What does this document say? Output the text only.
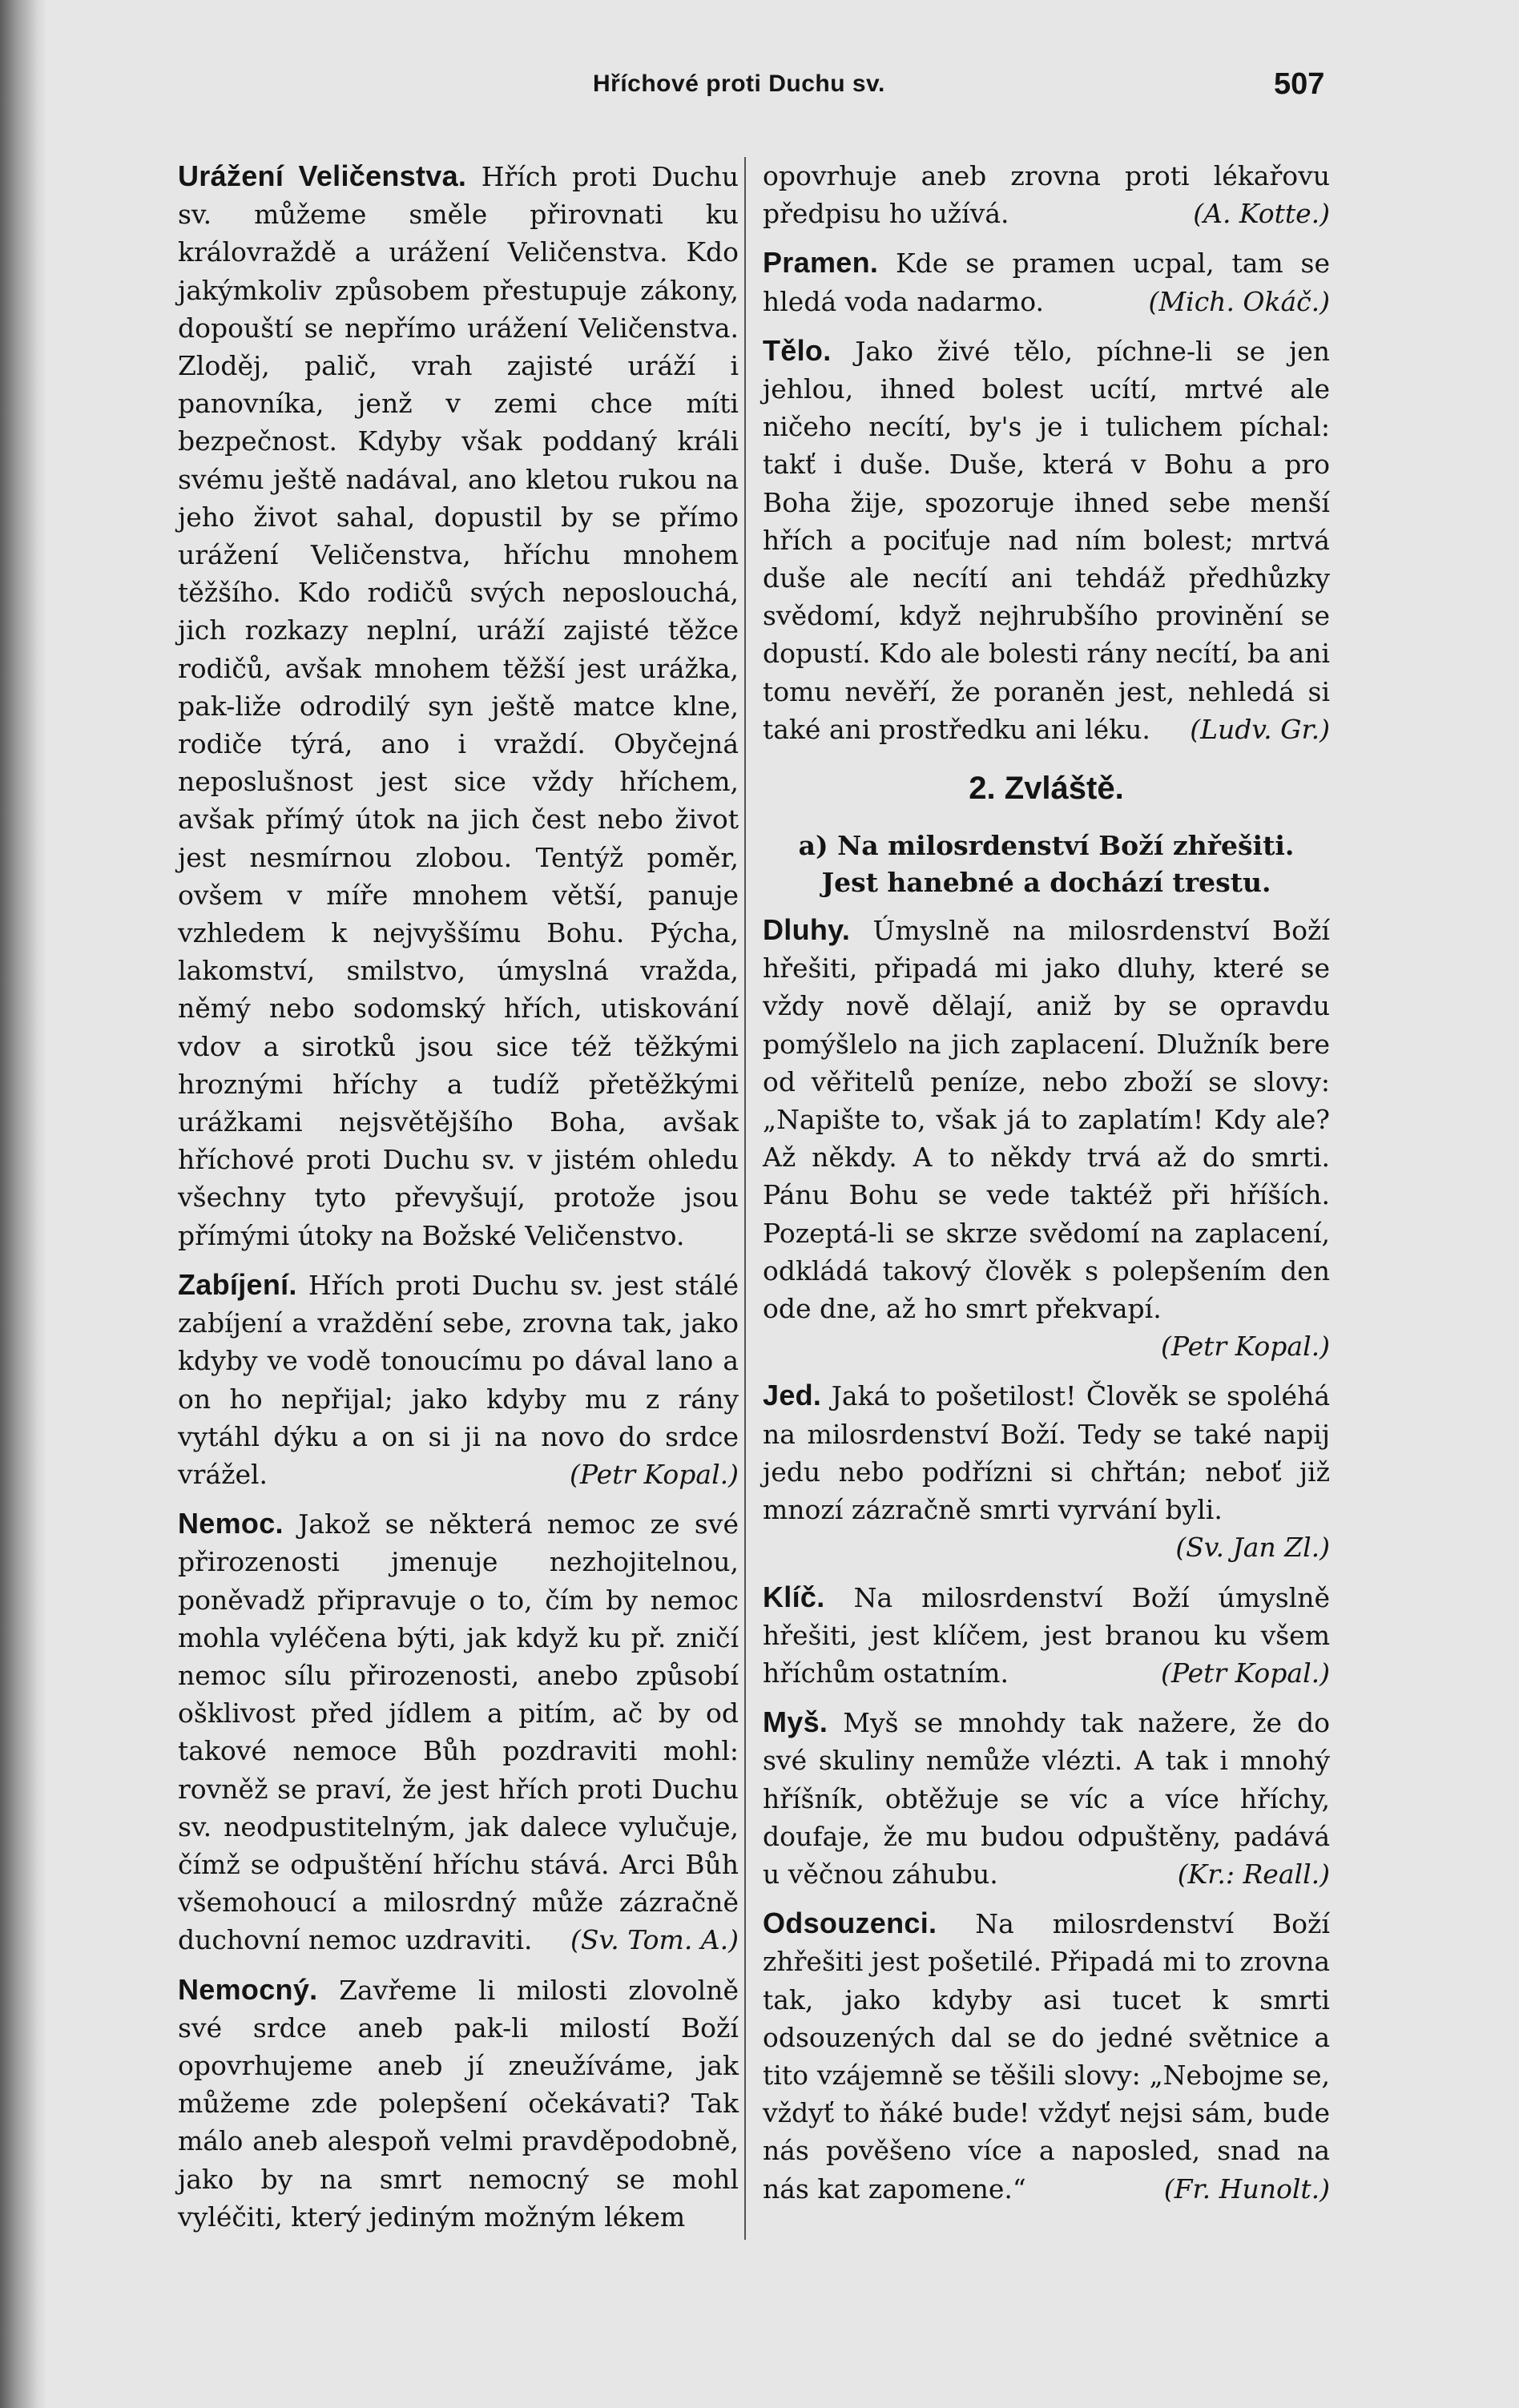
Hříchové proti Duchu sv.	507

Urážení Veličenstva. Hřích proti Duchu sv. můžeme směle přirovnati ku královraždě a urážení Veličenstva. Kdo jakýmkoliv způsobem přestupuje zákony, dopouští se nepřímo urážení Veličenstva. Zloděj, palič, vrah zajisté uráží i panovníka, jenž v zemi chce míti bezpečnost. Kdyby však poddaný králi svému ještě nadával, ano kletou rukou na jeho život sahal, dopustil by se přímo urážení Veličenstva, hříchu mnohem těžšího. Kdo rodičů svých neposlouchá, jich rozkazy neplní, uráží zajisté těžce rodičů, avšak mnohem těžší jest urážka, pak-liže odrodilý syn ještě matce klne, rodiče týrá, ano i vraždí. Obyčejná neposlušnost jest sice vždy hříchem, avšak přímý útok na jich čest nebo život jest nesmírnou zlobou. Tentýž poměr, ovšem v míře mnohem větší, panuje vzhledem k nejvyššímu Bohu. Pýcha, lakomství, smilstvo, úmyslná vražda, němý nebo sodomský hřích, utiskování vdov a sirotků jsou sice též těžkými hroznými hříchy a tudíž přetěžkými urážkami nejsvětějšího Boha, avšak hříchové proti Duchu sv. v jistém ohledu všechny tyto převyšují, protože jsou přímými útoky na Božské Veličenstvo.

Zabíjení. Hřích proti Duchu sv. jest stálé zabíjení a vraždění sebe, zrovna tak, jako kdyby ve vodě tonoucímu po dával lano a on ho nepřijal; jako kdyby mu z rány vytáhl dýku a on si ji na novo do srdce vrážel.	(Petr Kopal.)

Nemoc. Jakož se některá nemoc ze své přirozenosti jmenuje nezhojitelnou, poněvadž připravuje o to, čím by nemoc mohla vyléčena býti, jak když ku př. zničí nemoc sílu přirozenosti, anebo způsobí ošklivost před jídlem a pitím, ač by od takové nemoce Bůh pozdraviti mohl: rovněž se praví, že jest hřích proti Duchu sv. neodpustitelným, jak dalece vylučuje, čímž se odpuštění hříchu stává. Arci Bůh všemohoucí a milosrdný může zázračně duchovní nemoc uzdraviti. (Sv. Tom. A.)

Nemocný. Zavřeme li milosti zlovolně své srdce aneb pak-li milostí Boží opovrhujeme aneb jí zneužíváme, jak můžeme zde polepšení očekávati? Tak málo aneb alespoň velmi pravděpodobně, jako by na smrt nemocný se mohl vyléčiti, který jediným možným lékem

opovrhuje aneb zrovna proti lékařovu předpisu ho užívá.	(A. Kotte.)

Pramen. Kde se pramen ucpal, tam se hledá voda nadarmo.	(Mich. Okáč.)

Tělo. Jako živé tělo, píchne-li se jen jehlou, ihned bolest ucítí, mrtvé ale ničeho necítí, by's je i tulichem píchal: takť i duše. Duše, která v Bohu a pro Boha žije, spozoruje ihned sebe menší hřích a pociťuje nad ním bolest; mrtvá duše ale necítí ani tehdáž předhůzky svědomí, když nejhrubšího provinění se dopustí. Kdo ale bolesti rány necítí, ba ani tomu nevěří, že poraněn jest, nehledá si také ani prostředku ani léku. (Ludv. Gr.)

2. Zvláště.
a) Na milosrdenství Boží zhřešiti.
Jest hanebné a dochází trestu.

Dluhy. Úmyslně na milosrdenství Boží hřešiti, připadá mi jako dluhy, které se vždy nově dělají, aniž by se opravdu pomýšlelo na jich zaplacení. Dlužník bere od věřitelů peníze, nebo zboží se slovy: „Napište to, však já to zaplatím! Kdy ale? Až někdy. A to někdy trvá až do smrti. Pánu Bohu se vede taktéž při hříších. Pozeptá-li se skrze svědomí na zaplacení, odkládá takový člověk s polepšením den ode dne, až ho smrt překvapí.
(Petr Kopal.)

Jed. Jaká to pošetilost! Člověk se spoléhá na milosrdenství Boží. Tedy se také napij jedu nebo podřízni si chřtán; neboť již mnozí zázračně smrti vyrvání byli.
(Sv. Jan Zl.)

Klíč. Na milosrdenství Boží úmyslně hřešiti, jest klíčem, jest branou ku všem hříchům ostatním.	(Petr Kopal.)

Myš. Myš se mnohdy tak nažere, že do své skuliny nemůže vlézti. A tak i mnohý hříšník, obtěžuje se víc a více hříchy, doufaje, že mu budou odpuštěny, padává u věčnou záhubu.	(Kr.: Reall.)

Odsouzenci. Na milosrdenství Boží zhřešiti jest pošetilé. Připadá mi to zrovna tak, jako kdyby asi tucet k smrti odsouzených dal se do jedné světnice a tito vzájemně se těšili slovy: „Nebojme se, vždyť to ňáké bude! vždyť nejsi sám, bude nás pověšeno více a naposled, snad na nás kat zapomene.“	(Fr. Hunolt.)
